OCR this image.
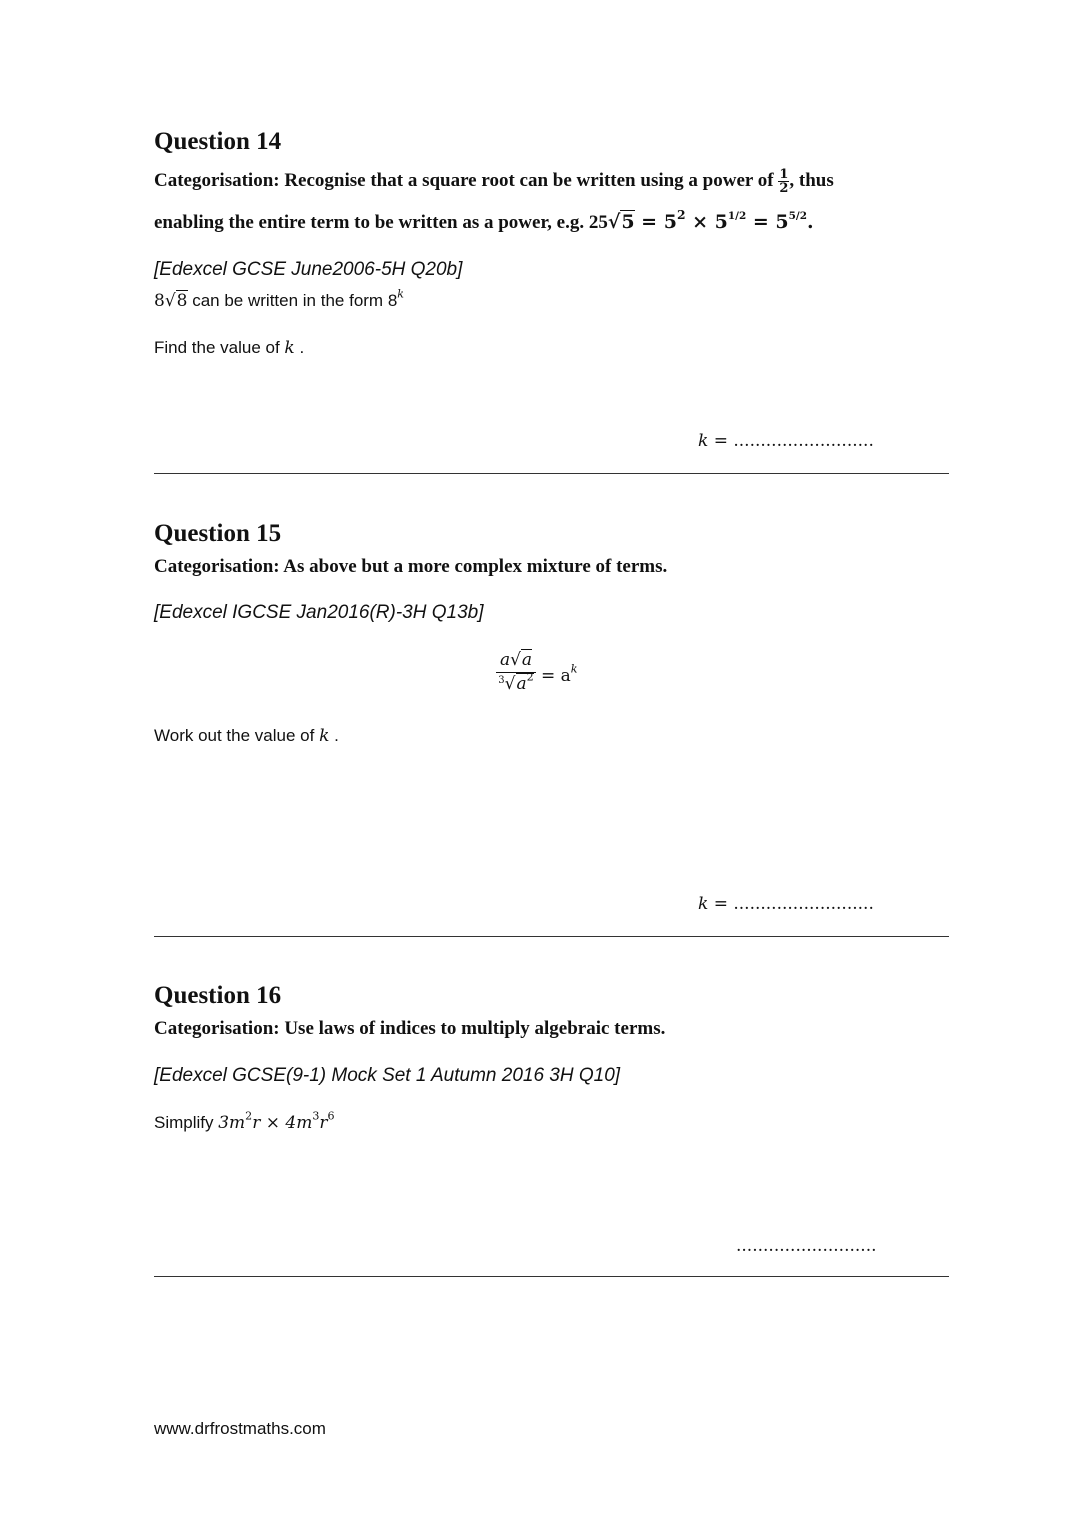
Question 14
Categorisation: Recognise that a square root can be written using a power of $\frac{1}{2}$ , thus
enabling the entire term to be written as a power, e.g. $25√5 = 5^2 \times 5^{1/2} = 5^{5/2}$.
[Edexcel GCSE June2006-5H Q20b]
8√8 can be written in the form 8$^k$
Find the value of k .
k = ..........................
Question 15
Categorisation: As above but a more complex mixture of terms.
[Edexcel IGCSE Jan2016(R)-3H Q13b]
$\frac{a√a}{^3√a^2} = a^k$
Work out the value of k .
k = ..........................
Question 16
Categorisation: Use laws of indices to multiply algebraic terms.
[Edexcel GCSE(9-1) Mock Set 1 Autumn 2016 3H Q10]
Simplify $3m^2r \times 4m^3r^6$
..........................
www.drfrostmaths.com
